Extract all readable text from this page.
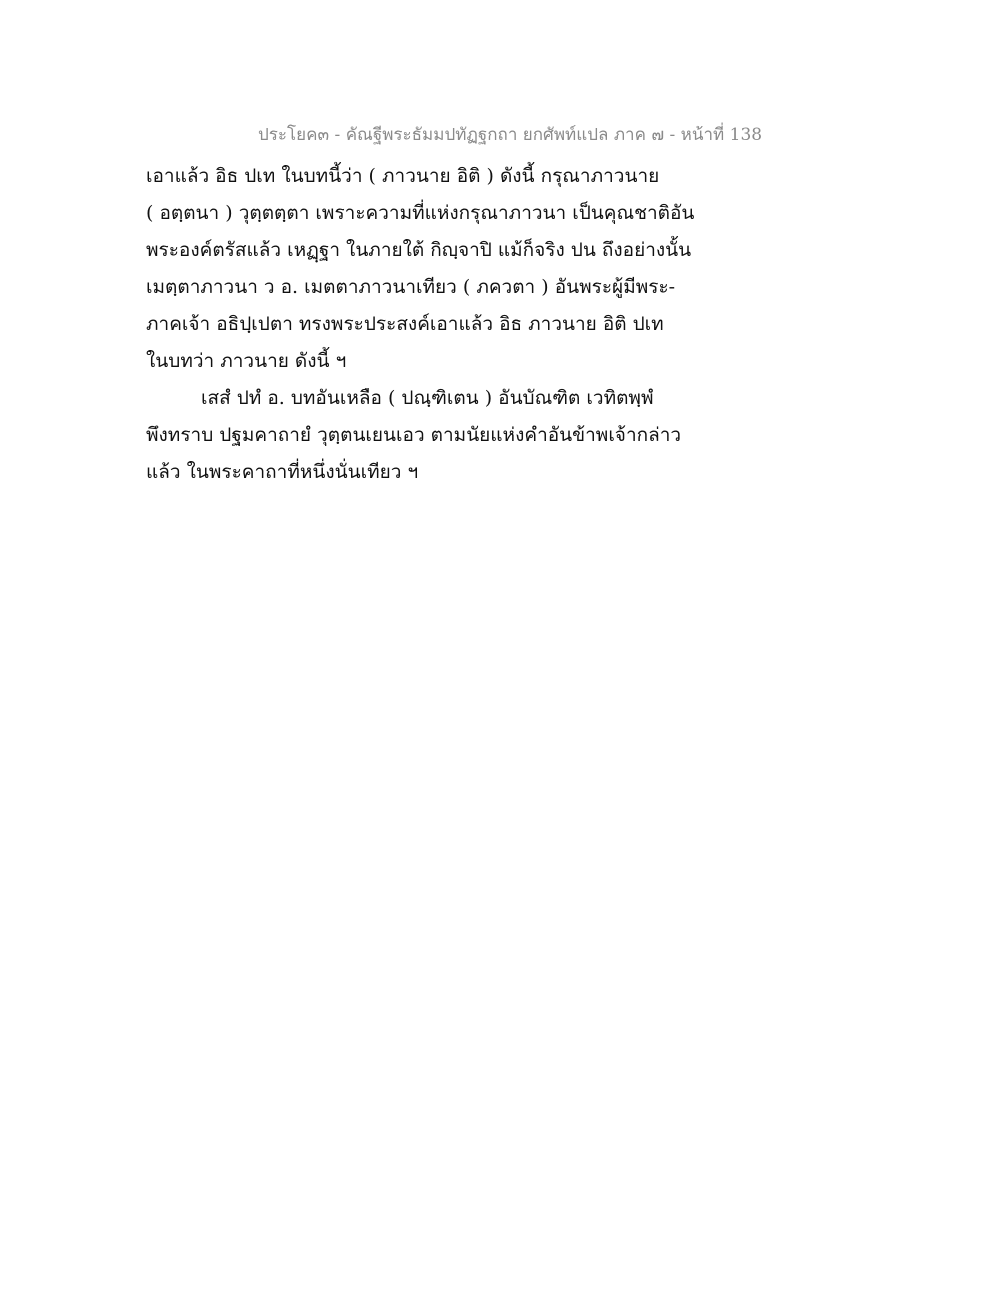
ประโยค๓ - คัณฐีพระธัมมปทัฏฐกถา ยกศัพท์แปล ภาค ๗ - หน้าที่ 138
เอาแล้ว อิธ ปเท ในบทนี้ว่า ( ภาวนาย อิติ ) ดังนี้ กรุณาภาวนาย
( อตฺตนา ) วุตฺตตฺตา เพราะความที่แห่งกรุณาภาวนา เป็นคุณชาติอัน
พระองค์ตรัสแล้ว เหฏฺฐา ในภายใต้ กิญฺจาปิ แม้ก็จริง ปน ถึงอย่างนั้น
เมตฺตาภาวนา ว อ. เมตตาภาวนาเทียว ( ภควตา ) อันพระผู้มีพระ-
ภาคเจ้า อธิปฺเปตา ทรงพระประสงค์เอาแล้ว อิธ ภาวนาย อิติ ปเท
ในบทว่า ภาวนาย ดังนี้ ฯ
เสสํ ปทํ อ. บทอันเหลือ ( ปณฺฑิเตน ) อันบัณฑิต เวทิตพฺพํ
พึงทราบ ปฐมคาถายํ วุตฺตนเยนเอว ตามนัยแห่งคำอันข้าพเจ้ากล่าว
แล้ว ในพระคาถาที่หนึ่งนั่นเทียว ฯ
